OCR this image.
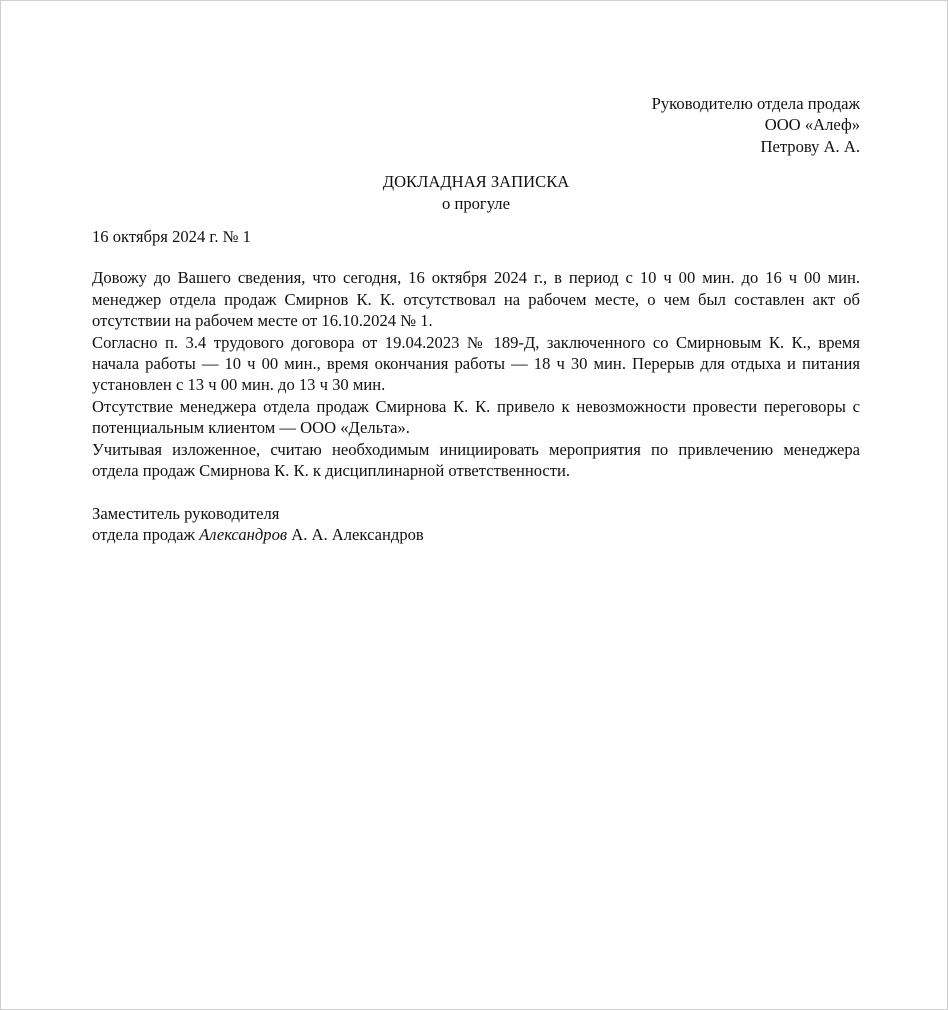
Руководителю отдела продаж
ООО «Алеф»
Петрову А. А.
ДОКЛАДНАЯ ЗАПИСКА
о прогуле
16 октября 2024 г. № 1

Довожу до Вашего сведения, что сегодня, 16 октября 2024 г., в период с 10 ч 00 мин. до 16 ч 00 мин. менеджер отдела продаж Смирнов К. К. отсутствовал на рабочем месте, о чем был составлен акт об отсутствии на рабочем месте от 16.10.2024 № 1.

Согласно п. 3.4 трудового договора от 19.04.2023 № 189-Д, заключенного со Смирновым К. К., время начала работы — 10 ч 00 мин., время окончания работы — 18 ч 30 мин. Перерыв для отдыха и питания установлен с 13 ч 00 мин. до 13 ч 30 мин.

Отсутствие менеджера отдела продаж Смирнова К. К. привело к невозможности провести переговоры с потенциальным клиентом — ООО «Дельта».

Учитывая изложенное, считаю необходимым инициировать мероприятия по привлечению менеджера отдела продаж Смирнова К. К. к дисциплинарной ответственности.

Заместитель руководителя
отдела продаж Александров А. А. Александров
